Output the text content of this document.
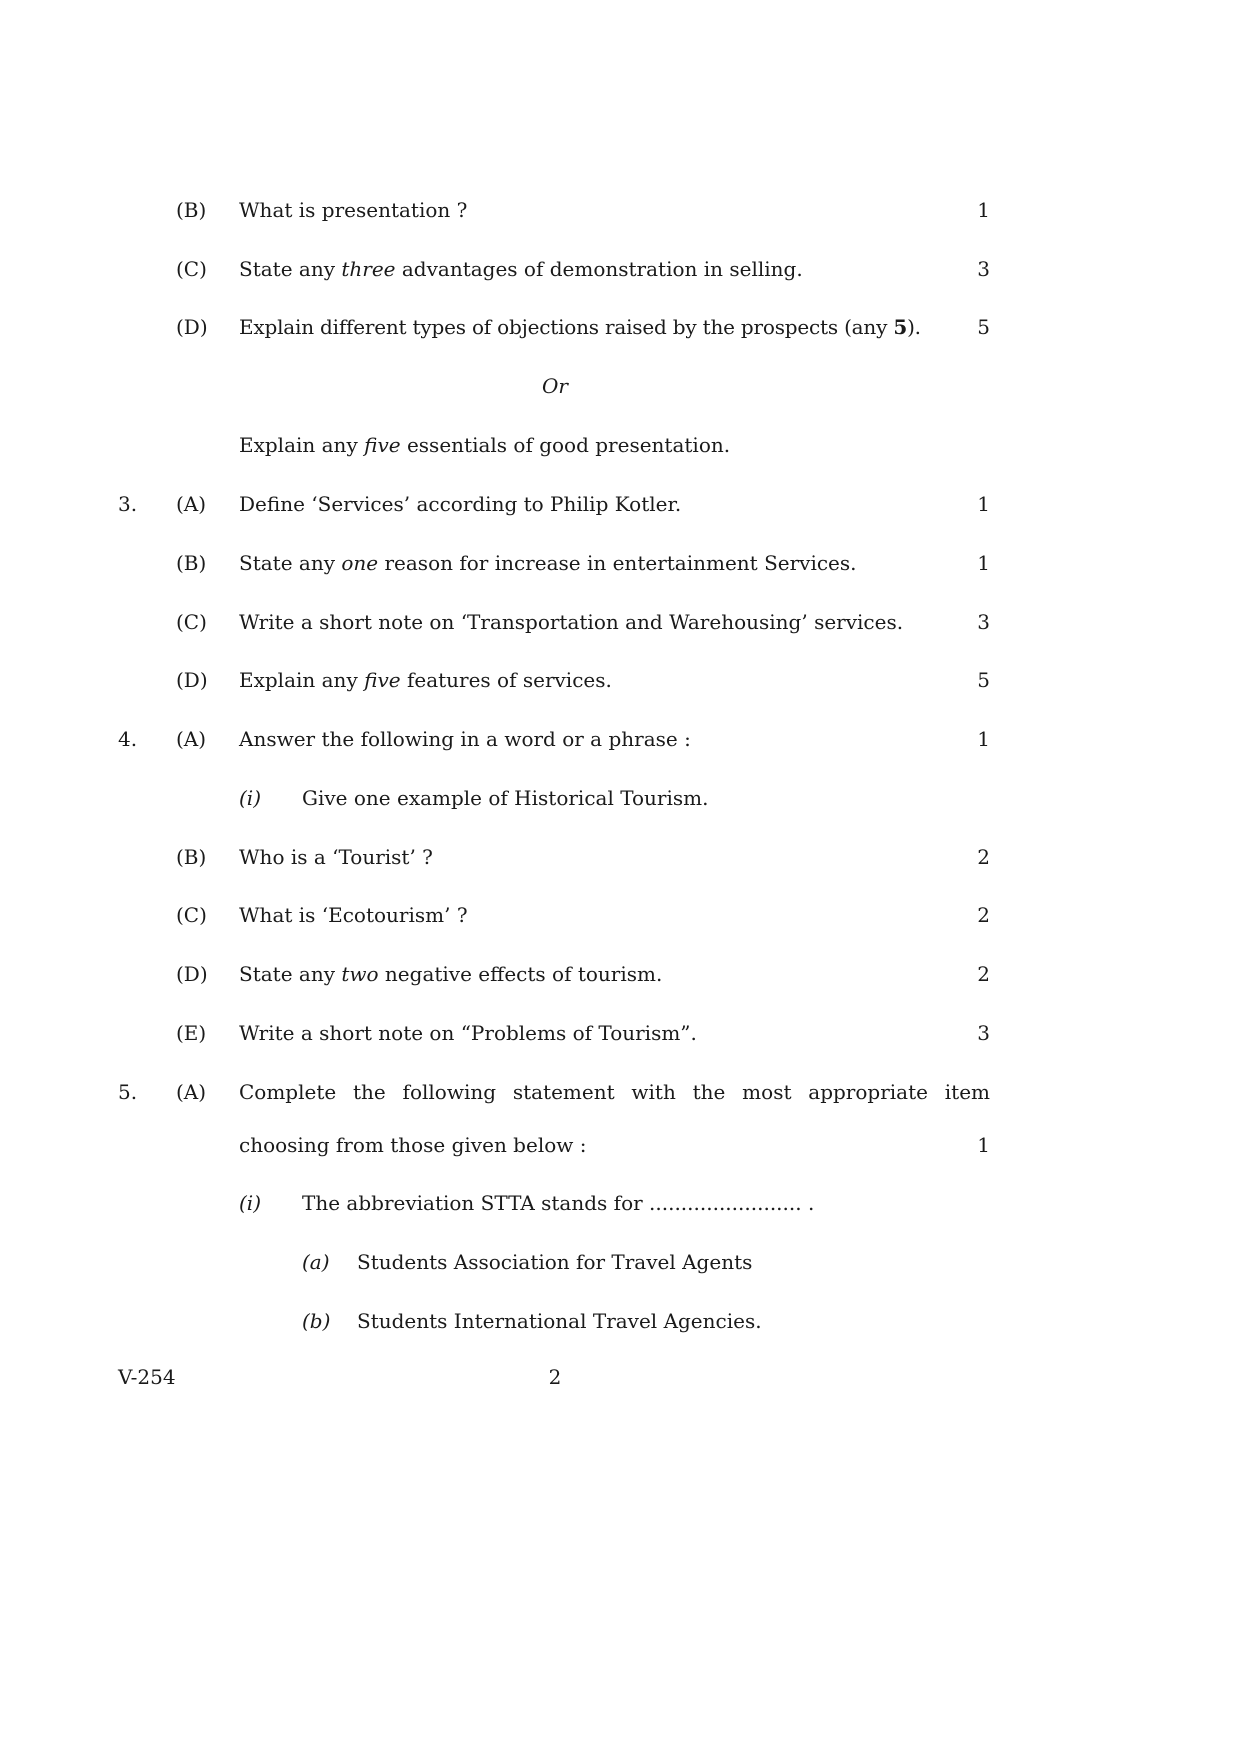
(B) What is presentation ?	1
(C) State any three advantages of demonstration in selling.	3
(D) Explain different types of objections raised by the prospects (any 5).	5
Or
Explain any five essentials of good presentation.
3. (A) Define ‘Services’ according to Philip Kotler.	1
(B) State any one reason for increase in entertainment Services.	1
(C) Write a short note on ‘Transportation and Warehousing’ services.	3
(D) Explain any five features of services.	5
4. (A) Answer the following in a word or a phrase :	1
(i) Give one example of Historical Tourism.
(B) Who is a ‘Tourist’ ?	2
(C) What is ‘Ecotourism’ ?	2
(D) State any two negative effects of tourism.	2
(E) Write a short note on “Problems of Tourism”.	3
5. (A) Complete the following statement with the most appropriate item
choosing from those given below :	1
(i) The abbreviation STTA stands for ........................ .
(a) Students Association for Travel Agents
(b) Students International Travel Agencies.
V-254	2
